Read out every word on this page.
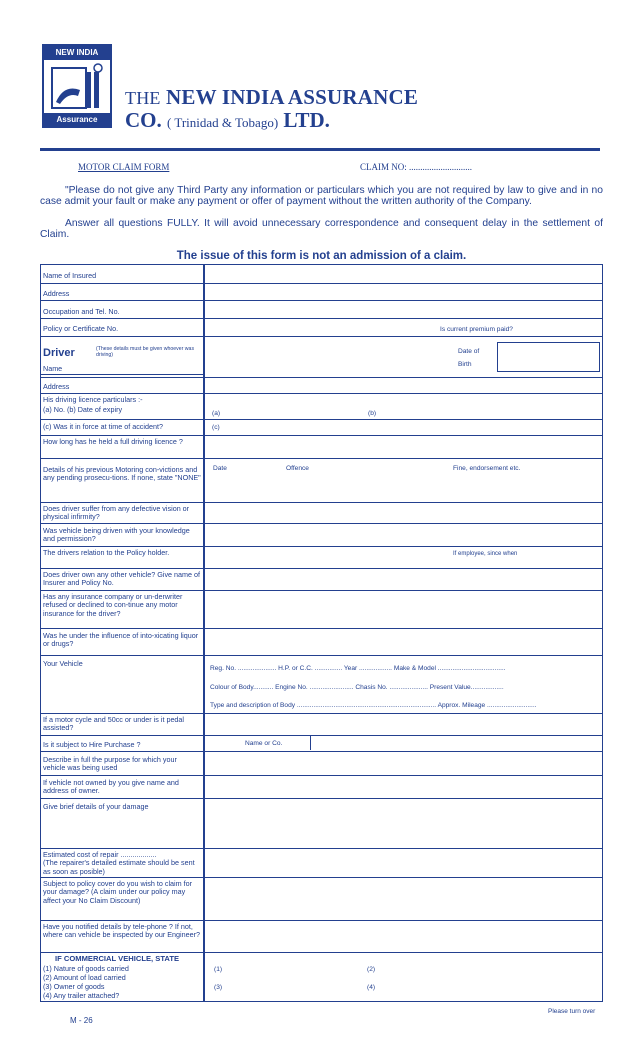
NEW INDIA
Assurance
THE NEW INDIA ASSURANCE
CO. ( Trinidad & Tobago) LTD.
MOTOR CLAIM FORM	CLAIM NO: ............................
"Please do not give any Third Party any information or particulars which you are not required by law to give and in no case admit your fault or make any payment or offer of payment without the written authority of the Company.
Answer all questions FULLY. It will avoid unnecessary correspondence and consequent delay in the settlement of Claim.
The issue of this form is not an admission of a claim.
Name of Insured
Address
Occupation and Tel. No.
Policy or Certificate No.	Is current premium paid?
Driver	(These details must be given whoever was driving)
Name
Date of
Birth
Address
His driving licence particulars :-
(a) No. (b) Date of expiry	(a)	(b)
(c) Was it in force at time of accident?	(c)
How long has he held a full driving licence ?
Details of his previous Motoring con-victions and any pending prosecu-tions. If none, state "NONE"
Date	Offence	Fine, endorsement etc.
Does driver suffer from any defective vision or physical infirmity?
Was vehicle being driven with your knowledge and permission?
The drivers relation to the Policy holder.	If employee, since when
Does driver own any other vehicle? Give name of Insurer and Policy No.
Has any insurance company or un-derwriter refused or declined to con-tinue any motor insurance for the driver?
Was he under the influence of into-xicating liquor or drugs?
Your Vehicle
Reg. No. ..................... H.P. or C.C. ............... Year .................. Make & Model .....................................
Colour of Body........... Engine No. ........................ Chasis No. ..................... Present Value..................
Type and description of Body ............................................................................ Approx. Mileage ...........................
If a motor cycle and 50cc or under is it pedal assisted?
Is it subject to Hire Purchase ?	Name or Co.
Describe in full the purpose for which your vehicle was being used
If vehicle not owned by you give name and address of owner.
Give brief details of your damage
Estimated cost of repair ..................
(The repairer's detailed estimate should be sent as soon as posible)
Subject to policy cover do you wish to claim for your damage? (A claim under our policy may affect your No Claim Discount)
Have you notified details by tele-phone ? If not, where can vehicle be inspected by our Engineer?
IF COMMERCIAL VEHICLE, STATE
(1) Nature of goods carried
(2) Amount of load carried
(3) Owner of goods
(4) Any trailer attached?
(1)	(2)
(3)	(4)
M - 26
Please turn over
